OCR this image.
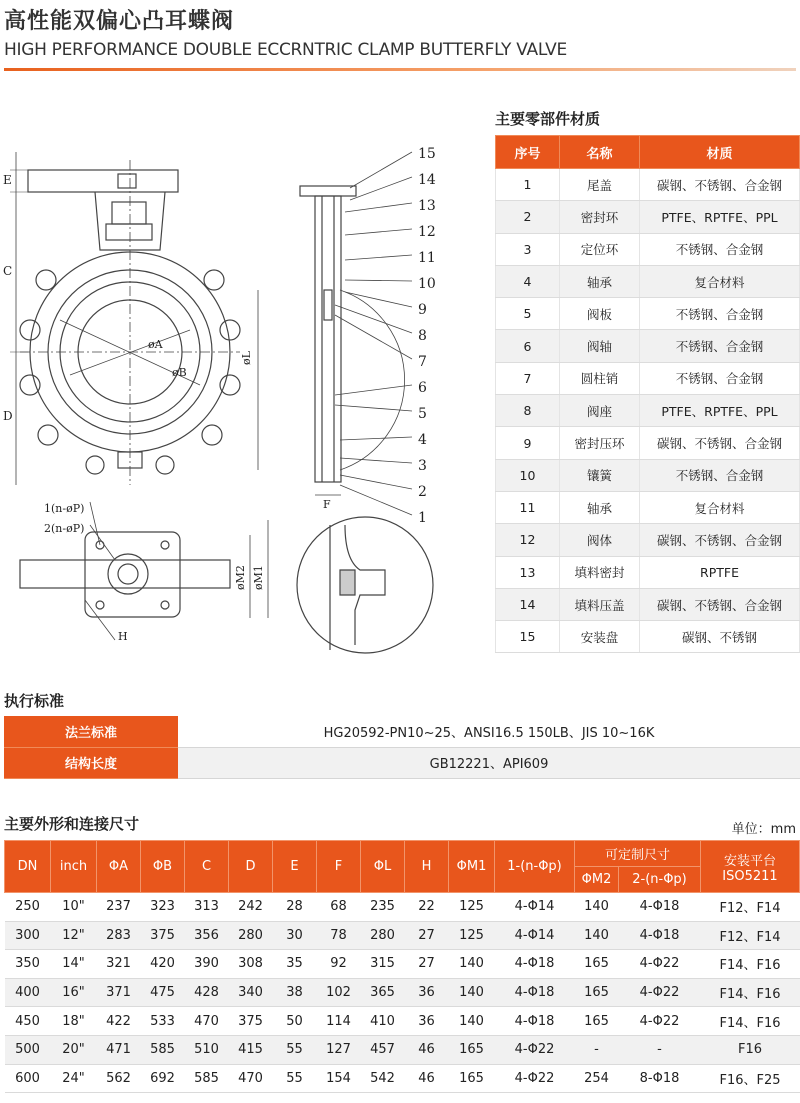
高性能双偏心凸耳蝶阀
HIGH PERFORMANCE DOUBLE ECCRNTRIC CLAMP BUTTERFLY VALVE
E
C
D
øA
øB
øL
F
15
14
13
12
11
10
9
8
7
6
5
4
3
2
1
1(n-øP)
2(n-øP)
øM2 øM1
H
主要零部件材质
序号	名称	材质
1	尾盖	碳钢、不锈钢、合金钢
2	密封环	PTFE、RPTFE、PPL
3	定位环	不锈钢、合金钢
4	轴承	复合材料
5	阀板	不锈钢、合金钢
6	阀轴	不锈钢、合金钢
7	圆柱销	不锈钢、合金钢
8	阀座	PTFE、RPTFE、PPL
9	密封压环	碳钢、不锈钢、合金钢
10	镶簧	不锈钢、合金钢
11	轴承	复合材料
12	阀体	碳钢、不锈钢、合金钢
13	填料密封	RPTFE
14	填料压盖	碳钢、不锈钢、合金钢
15	安装盘	碳钢、不锈钢
执行标准
法兰标准	HG20592-PN10~25、ANSI16.5 150LB、JIS 10~16K
结构长度	GB12221、API609
主要外形和连接尺寸	单位：mm
DN	inch	ΦA	ΦB	C	D	E	F	ΦL	H	ΦM1	1-(n-Φp)	可定制尺寸		安装平台 ISO5211
												ΦM2	2-(n-Φp)	
250	10"	237	323	313	242	28	68	235	22	125	4-Φ14	140	4-Φ18	F12、F14
300	12"	283	375	356	280	30	78	280	27	125	4-Φ14	140	4-Φ18	F12、F14
350	14"	321	420	390	308	35	92	315	27	140	4-Φ18	165	4-Φ22	F14、F16
400	16"	371	475	428	340	38	102	365	36	140	4-Φ18	165	4-Φ22	F14、F16
450	18"	422	533	470	375	50	114	410	36	140	4-Φ18	165	4-Φ22	F14、F16
500	20"	471	585	510	415	55	127	457	46	165	4-Φ22	-	-	F16
600	24"	562	692	585	470	55	154	542	46	165	4-Φ22	254	8-Φ18	F16、F25
